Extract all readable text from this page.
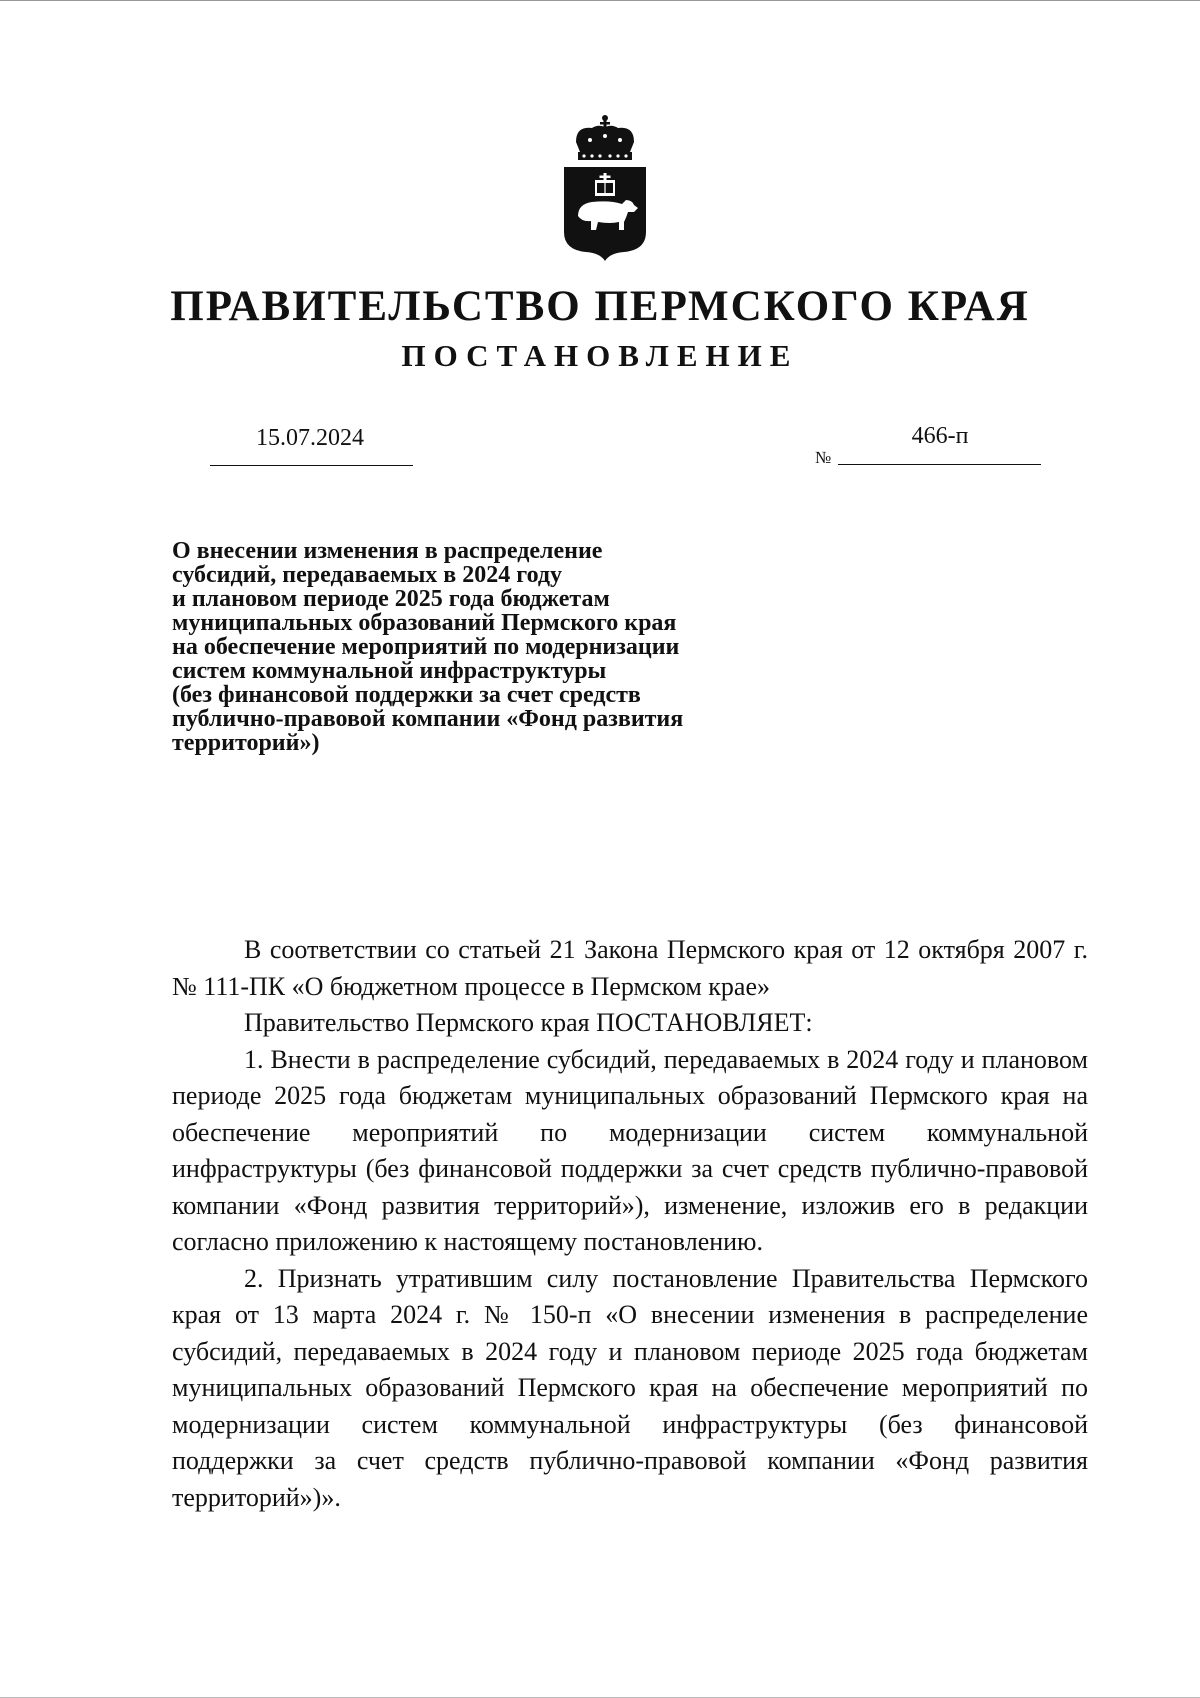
ПРАВИТЕЛЬСТВО ПЕРМСКОГО КРАЯ
ПОСТАНОВЛЕНИЕ
15.07.2024
№
466-п

О внесении изменения в распределение
субсидий, передаваемых в 2024 году
и плановом периоде 2025 года бюджетам
муниципальных образований Пермского края
на обеспечение мероприятий по модернизации
систем коммунальной инфраструктуры
(без финансовой поддержки за счет средств
публично-правовой компании «Фонд развития
территорий»)

В соответствии со статьей 21 Закона Пермского края от 12 октября 2007 г. № 111-ПК «О бюджетном процессе в Пермском крае»

Правительство Пермского края ПОСТАНОВЛЯЕТ:

1. Внести в распределение субсидий, передаваемых в 2024 году и плановом периоде 2025 года бюджетам муниципальных образований Пермского края на обеспечение мероприятий по модернизации систем коммунальной инфраструктуры (без финансовой поддержки за счет средств публично-правовой компании «Фонд развития территорий»), изменение, изложив его в редакции согласно приложению к настоящему постановлению.

2. Признать утратившим силу постановление Правительства Пермского края от 13 марта 2024 г. № 150-п «О внесении изменения в распределение субсидий, передаваемых в 2024 году и плановом периоде 2025 года бюджетам муниципальных образований Пермского края на обеспечение мероприятий по модернизации систем коммунальной инфраструктуры (без финансовой поддержки за счет средств публично-правовой компании «Фонд развития территорий»)».
